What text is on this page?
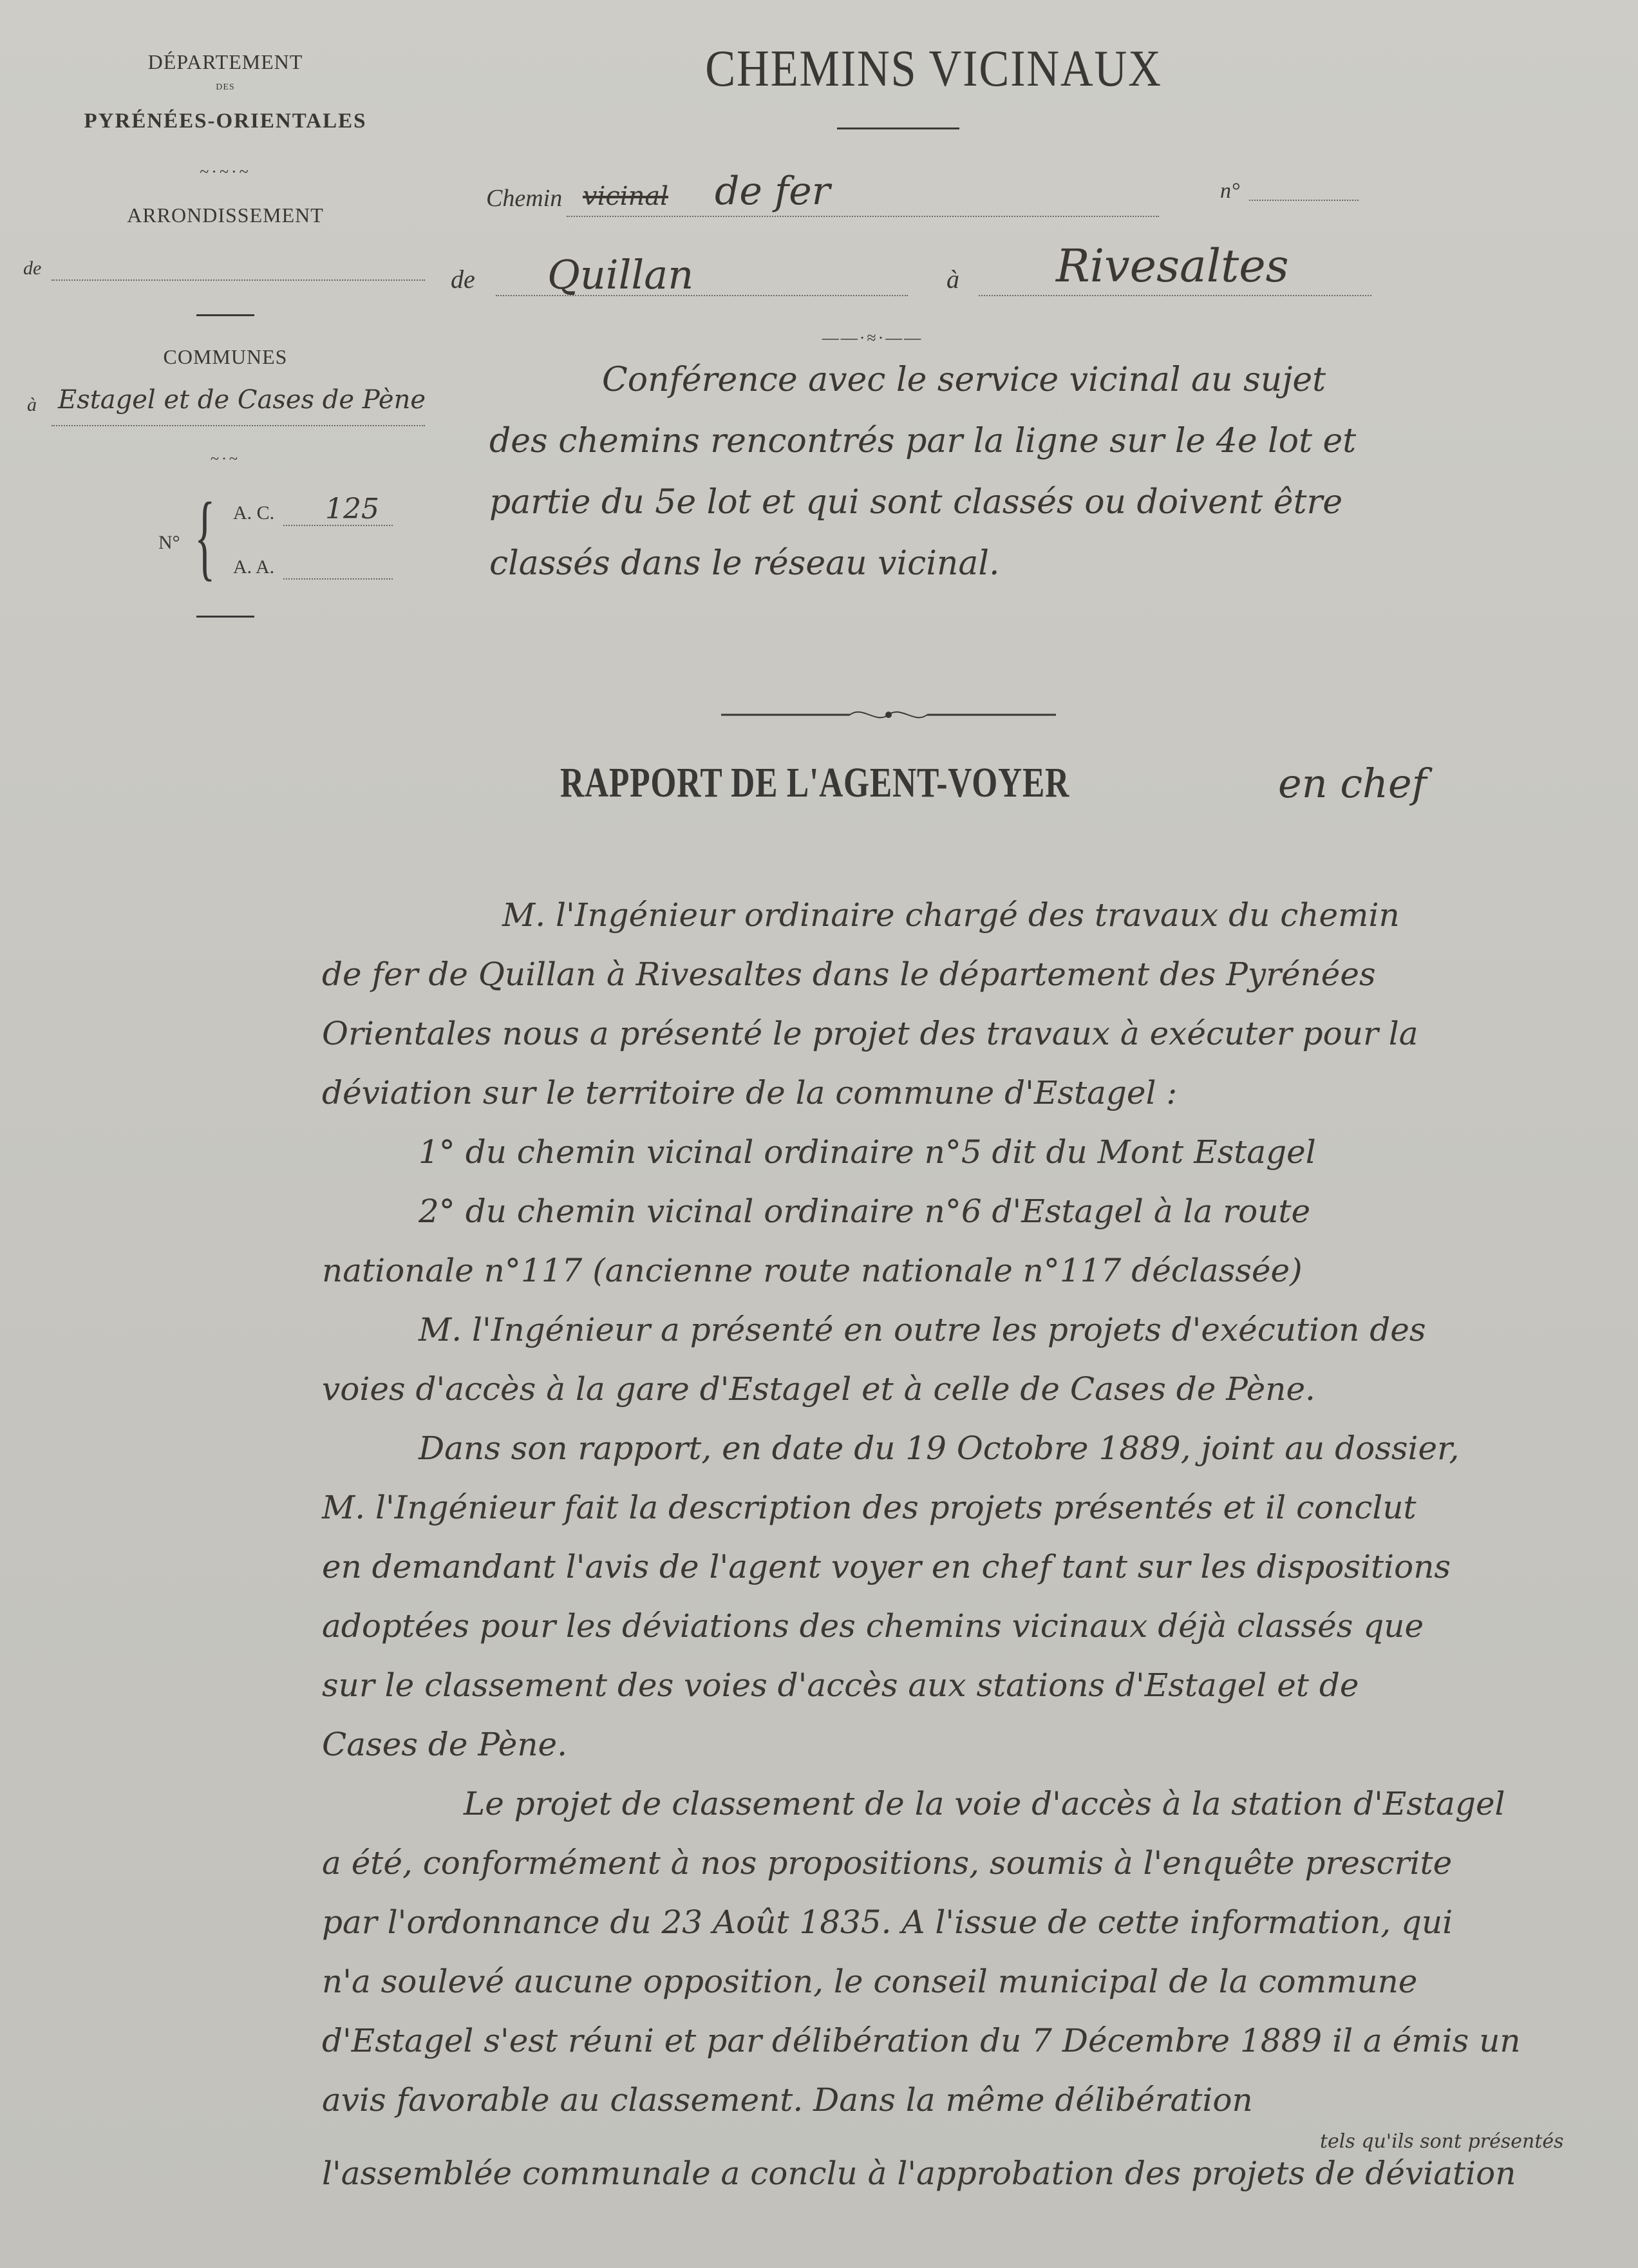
DÉPARTEMENT
DES
PYRÉNÉES-ORIENTALES
~·~·~
ARRONDISSEMENT
de
COMMUNES
à Estagel et de Cases de Pène
~·~
N° { A. C. 125
A. A.
CHEMINS VICINAUX
Chemin vicinal de fer	n°
de Quillan	à Rivesaltes
——·≈·——
Conférence avec le service vicinal au sujet
des chemins rencontrés par la ligne sur le 4e lot et
partie du 5e lot et qui sont classés ou doivent être
classés dans le réseau vicinal.
RAPPORT DE L'AGENT-VOYER	en chef
M. l'Ingénieur ordinaire chargé des travaux du chemin
de fer de Quillan à Rivesaltes dans le département des Pyrénées
Orientales nous a présenté le projet des travaux à exécuter pour la
déviation sur le territoire de la commune d'Estagel :
1° du chemin vicinal ordinaire n°5 dit du Mont Estagel
2° du chemin vicinal ordinaire n°6 d'Estagel à la route
nationale n°117 (ancienne route nationale n°117 déclassée)
M. l'Ingénieur a présenté en outre les projets d'exécution des
voies d'accès à la gare d'Estagel et à celle de Cases de Pène.
Dans son rapport, en date du 19 Octobre 1889, joint au dossier,
M. l'Ingénieur fait la description des projets présentés et il conclut
en demandant l'avis de l'agent voyer en chef tant sur les dispositions
adoptées pour les déviations des chemins vicinaux déjà classés que
sur le classement des voies d'accès aux stations d'Estagel et de
Cases de Pène.
Le projet de classement de la voie d'accès à la station d'Estagel
a été, conformément à nos propositions, soumis à l'enquête prescrite
par l'ordonnance du 23 Août 1835. A l'issue de cette information, qui
n'a soulevé aucune opposition, le conseil municipal de la commune
d'Estagel s'est réuni et par délibération du 7 Décembre 1889 il a émis un
avis favorable au classement. Dans la même délibération
tels qu'ils sont présentés
l'assemblée communale a conclu à l'approbation des projets de déviation
